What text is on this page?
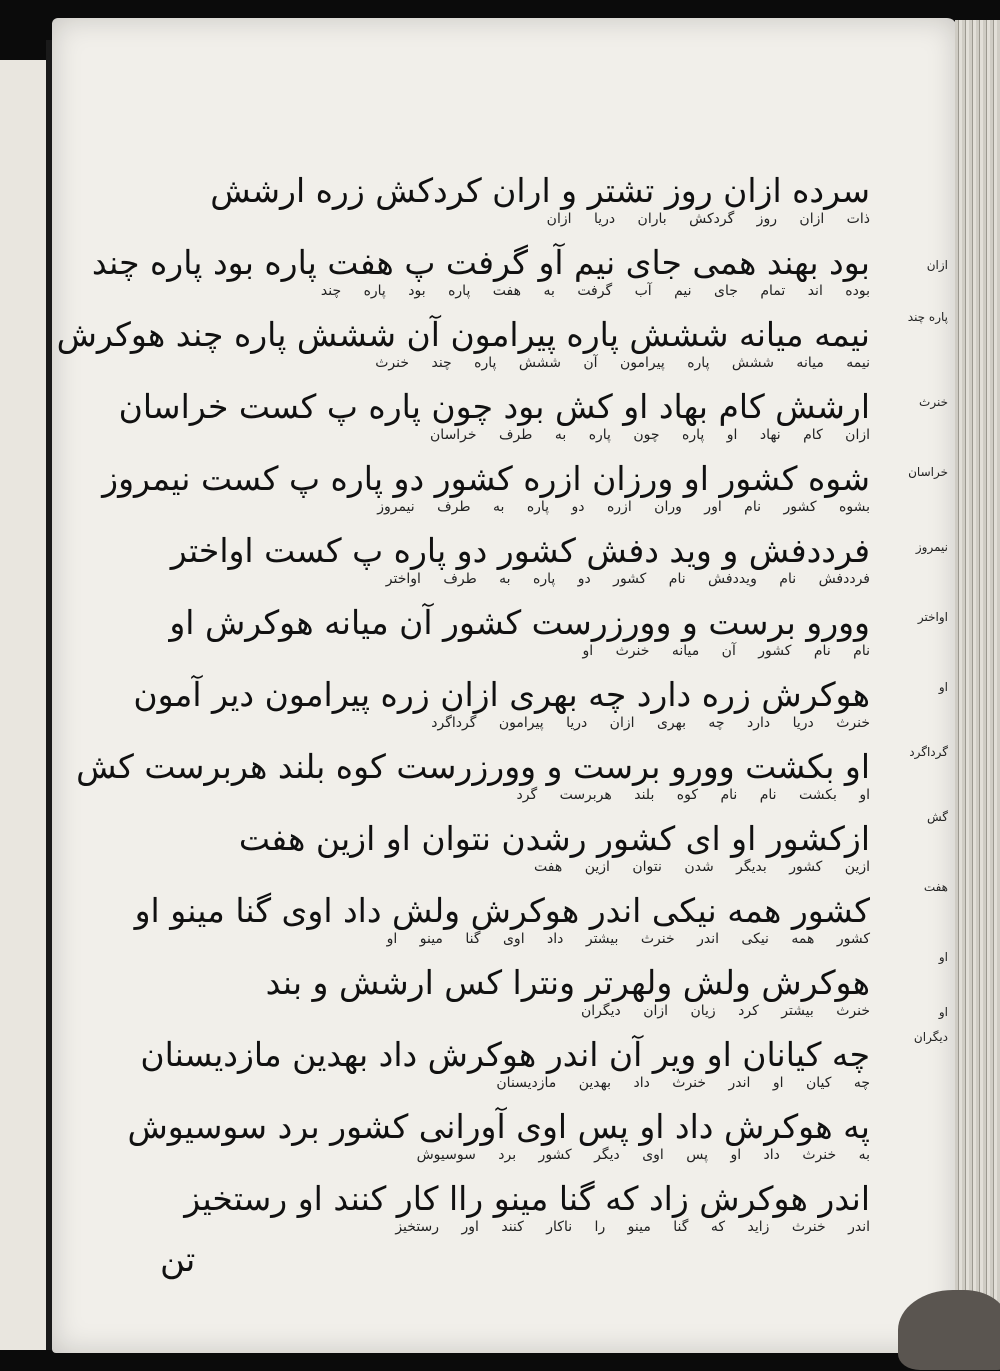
سرده ازان روز تشتر و اران کردکش زره ارشش
ذات ازان روز گردکش باران دریا ازان
بود بهند همی جای نیم آو گرفت پ هفت پاره بود پاره چند
بوده اند تمام جای نیم آب گرفت به هفت پاره بود پاره چند
نیمه میانه ششش پاره پیرامون آن ششش پاره چند هوکرش
نیمه میانه ششش پاره پیرامون آن ششش پاره چند خنرث
ارشش کام بهاد او کش بود چون پاره پ کست خراسان
ازان کام نهاد او پاره چون پاره به طرف خراسان
شوه کشور او ورزان ازره کشور دو پاره پ کست نیمروز
بشوه کشور نام اور وران ازره دو پاره به طرف نیمروز
فرددفش و وید دفش کشور دو پاره پ کست اواختر
فرددفش نام ویددفش نام کشور دو پاره به طرف اواختر
وورو برست و وورزرست کشور آن میانه هوکرش او
نام نام کشور آن میانه خنرث او
هوکرش زره دارد چه بهری ازان زره پیرامون دیر آمون
خنرث دریا دارد چه بهری ازان دریا پیرامون گرداگرد
او بکشت وورو برست و وورزرست کوه بلند هربرست کش
او بکشت نام نام کوه بلند هربرست گرد
ازکشور او ای کشور رشدن نتوان او ازین هفت
ازین کشور بدیگر شدن نتوان ازین هفت
کشور همه نیکی اندر هوکرش ولش داد اوی گنا مینو او
کشور همه نیکی اندر خنرث بیشتر داد اوی گنا مینو او
هوکرش ولش ولهرتر ونترا کس ارشش و بند
خنرث بیشتر کرد زیان ازان دیگران
چه کیانان او ویر آن اندر هوکرش داد بهدین مازدیسنان
چه کیان او اندر خنرث داد بهدین مازدیسنان
په هوکرش داد او پس اوی آورانی کشور برد سوسیوش
به خنرث داد او پس اوی دیگر کشور برد سوسیوش
اندر هوکرش زاد که گنا مینو راا کار کنند او رستخیز
اندر خنرث زاید که گنا مینو را ناکار کنند اور رستخیز
ازان
پاره چند
خنرث
خراسان
نیمروز
اواختر
او
گرداگرد
گش
هفت
او
او
دیگران
تن
